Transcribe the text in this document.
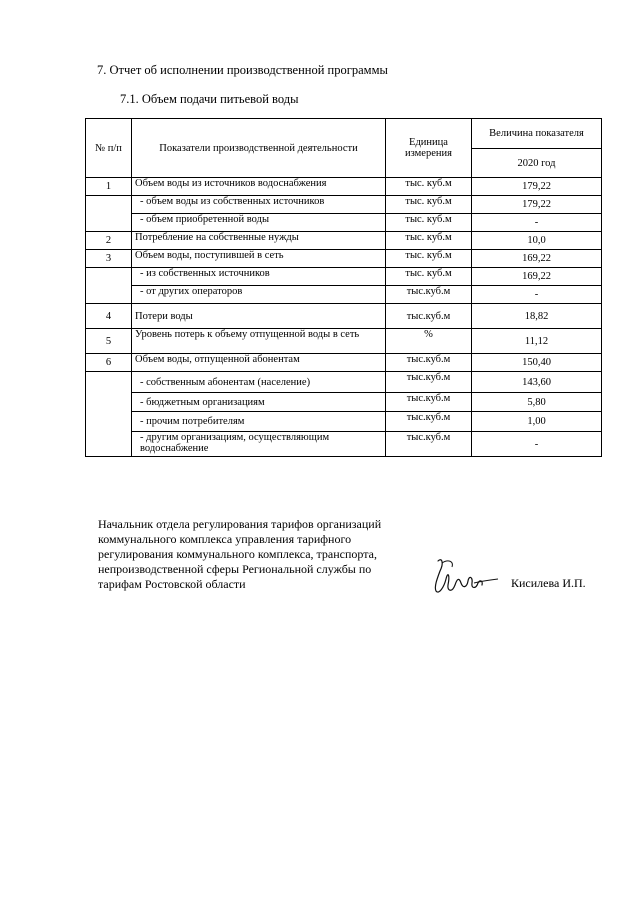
7. Отчет об исполнении производственной программы
7.1. Объем подачи питьевой воды
№ п/п	Показатели производственной деятельности	Единица измерения	Величина показателя
			2020 год
1	Объем воды из источников водоснабжения	тыс. куб.м	179,22
	- объем воды из собственных источников	тыс. куб.м	179,22
	- объем приобретенной воды	тыс. куб.м	-
2	Потребление на собственные нужды	тыс. куб.м	10,0
3	Объем воды, поступившей в сеть	тыс. куб.м	169,22
	- из собственных источников	тыс. куб.м	169,22
	- от других операторов	тыс.куб.м	-
4	Потери воды	тыс.куб.м	18,82
5	Уровень потерь к объему отпущенной воды в сеть	%	11,12
6	Объем воды, отпущенной абонентам	тыс.куб.м	150,40
	- собственным абонентам (население)	тыс.куб.м	143,60
	- бюджетным организациям	тыс.куб.м	5,80
	- прочим потребителям	тыс.куб.м	1,00
	- другим организациям, осуществляющим водоснабжение	тыс.куб.м	-
Начальник отдела регулирования тарифов организаций
коммунального комплекса управления тарифного
регулирования коммунального комплекса, транспорта,
непроизводственной сферы Региональной службы по
тарифам Ростовской области	Кисилева И.П.
